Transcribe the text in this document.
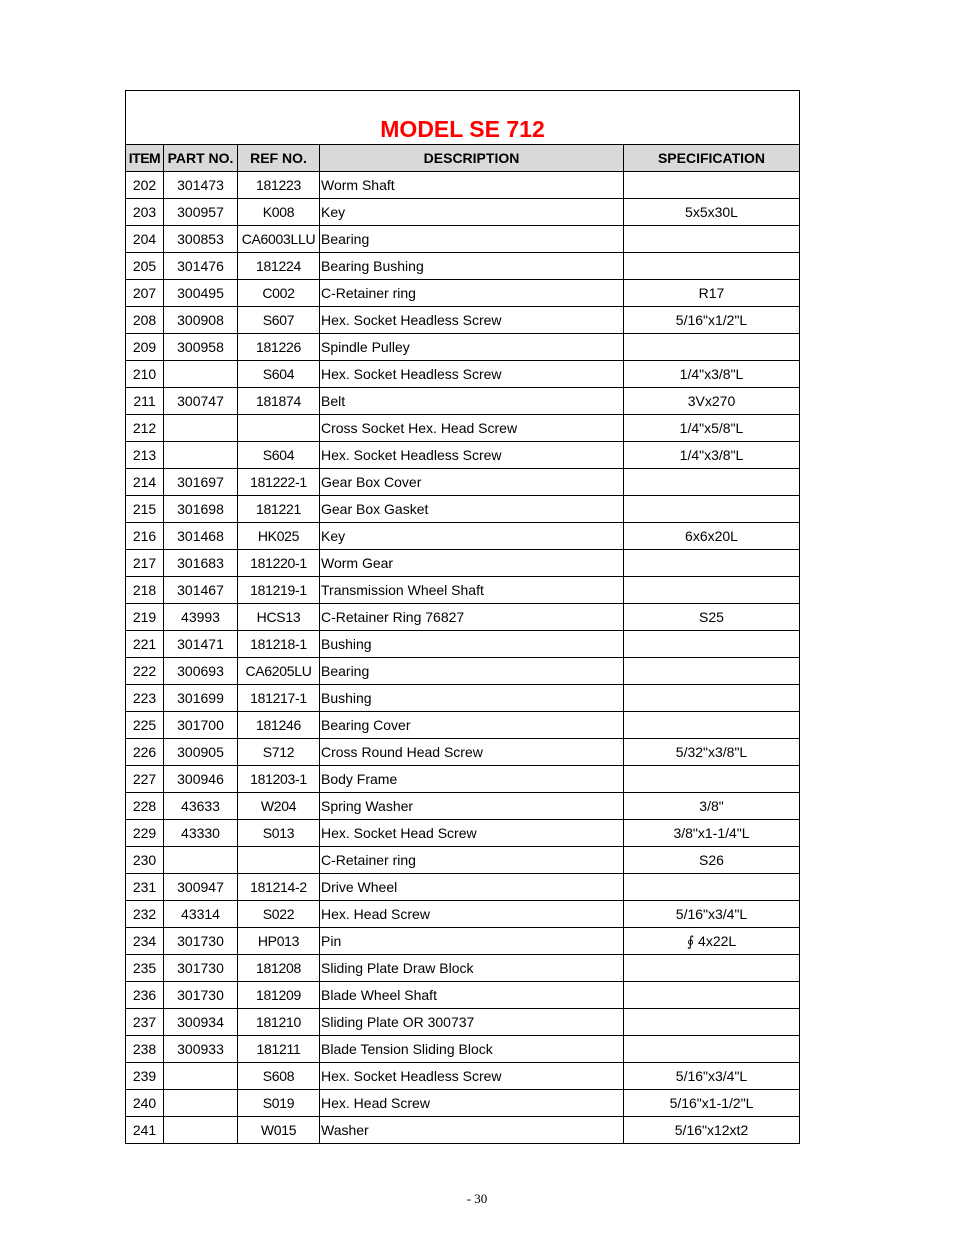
MODEL SE 712				
ITEM	PART NO.	REF NO.	DESCRIPTION	SPECIFICATION
202	301473	181223	Worm Shaft	
203	300957	K008	Key	5x5x30L
204	300853	CA6003LLU	Bearing	
205	301476	181224	Bearing Bushing	
207	300495	C002	C-Retainer ring	R17
208	300908	S607	Hex. Socket Headless Screw	5/16"x1/2"L
209	300958	181226	Spindle Pulley	
210		S604	Hex. Socket Headless Screw	1/4"x3/8"L
211	300747	181874	Belt	3Vx270
212			Cross Socket Hex. Head Screw	1/4"x5/8"L
213		S604	Hex. Socket Headless Screw	1/4"x3/8"L
214	301697	181222-1	Gear Box Cover	
215	301698	181221	Gear Box Gasket	
216	301468	HK025	Key	6x6x20L
217	301683	181220-1	Worm Gear	
218	301467	181219-1	Transmission Wheel Shaft	
219	43993	HCS13	C-Retainer Ring 76827	S25
221	301471	181218-1	Bushing	
222	300693	CA6205LU	Bearing	
223	301699	181217-1	Bushing	
225	301700	181246	Bearing Cover	
226	300905	S712	Cross Round Head Screw	5/32"x3/8"L
227	300946	181203-1	Body Frame	
228	43633	W204	Spring Washer	3/8"
229	43330	S013	Hex. Socket Head Screw	3/8"x1-1/4"L
230			C-Retainer ring	S26
231	300947	181214-2	Drive Wheel	
232	43314	S022	Hex. Head Screw	5/16"x3/4"L
234	301730	HP013	Pin	∮ 4x22L
235	301730	181208	Sliding Plate Draw Block	
236	301730	181209	Blade Wheel Shaft	
237	300934	181210	Sliding Plate OR 300737	
238	300933	181211	Blade Tension Sliding Block	
239		S608	Hex. Socket Headless Screw	5/16"x3/4"L
240		S019	Hex. Head Screw	5/16"x1-1/2"L
241		W015	Washer	5/16"x12xt2
- 30
